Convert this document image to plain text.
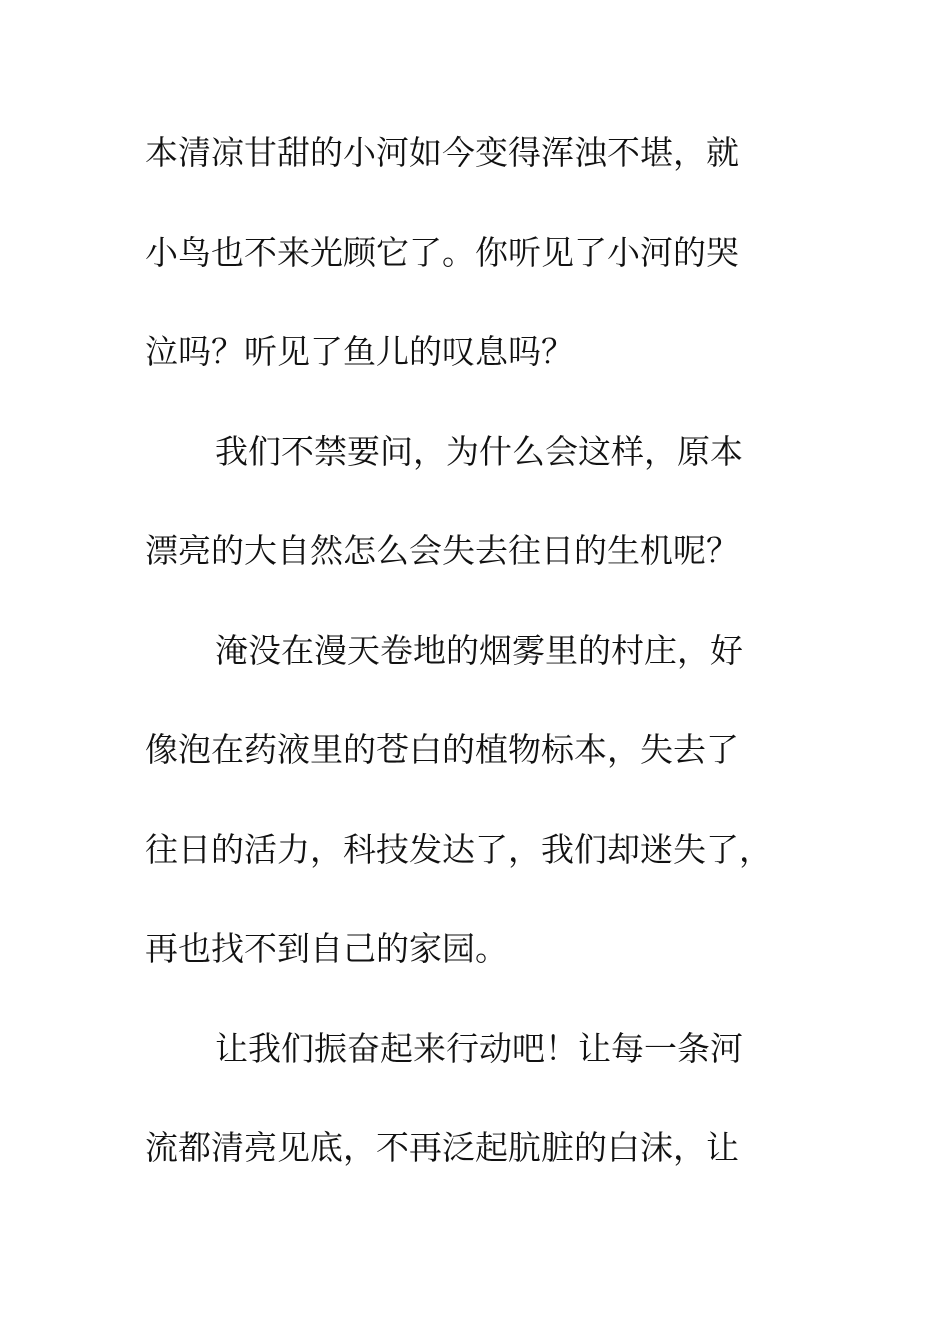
本清凉甘甜的小河如今变得浑浊不堪，就
小鸟也不来光顾它了。你听见了小河的哭
泣吗？听见了鱼儿的叹息吗？
我们不禁要问，为什么会这样，原本
漂亮的大自然怎么会失去往日的生机呢？
淹没在漫天卷地的烟雾里的村庄，好
像泡在药液里的苍白的植物标本，失去了
往日的活力，科技发达了，我们却迷失了，
再也找不到自己的家园。
让我们振奋起来行动吧！让每一条河
流都清亮见底，不再泛起肮脏的白沫，让
